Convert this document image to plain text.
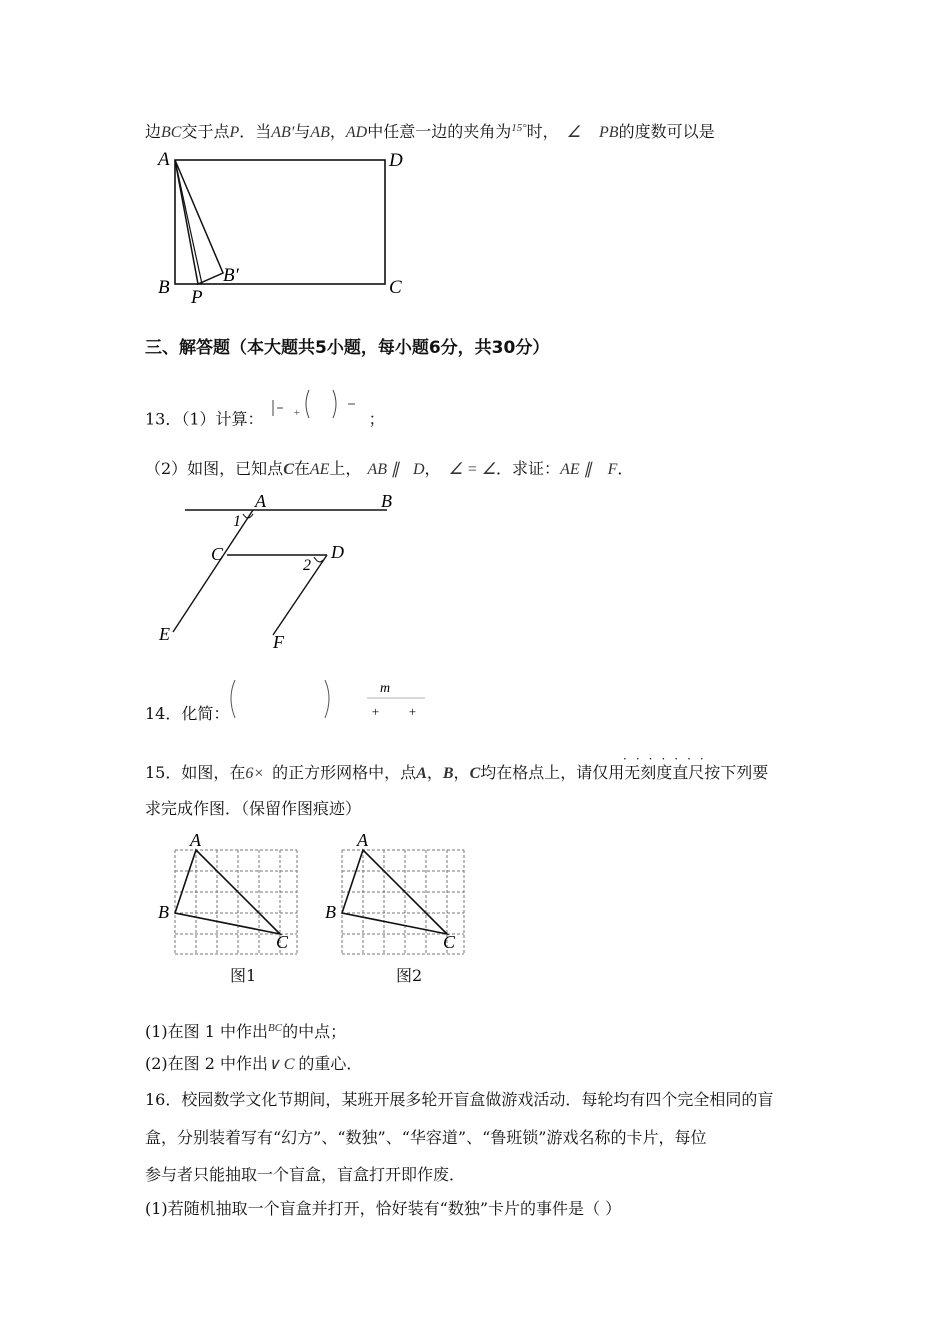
边BC交于点P．当AB′与AB，AD中任意一边的夹角为$^{15^\circ}$时， ∠ PB的度数可以是
A	D
B	C
P
B′
三、解答题（本大题共5小题，每小题6分，共30分）
13．（1）计算：	+	；
（2）如图，已知点C在AE上， AB ∥ D， ∠ = ∠．求证：AE ∥ F．
A	B
C	D
E	F
1
2
14．化简：
m
+ +
·······
15．如图，在6× 的正方形网格中，点A，B，C均在格点上，请仅用无刻度直尺按下列要
求完成作图．（保留作图痕迹）
A
B
C
图1
A
B
C
图2
(1)在图 1 中作出$^{BC}$的中点；
(2)在图 2 中作出∨ C 的重心．
16．校园数学文化节期间，某班开展多轮开盲盒做游戏活动．每轮均有四个完全相同的盲
盒，分别装着写有“幻方”、“数独”、“华容道”、“鲁班锁”游戏名称的卡片，每位
参与者只能抽取一个盲盒，盲盒打开即作废．
(1)若随机抽取一个盲盒并打开，恰好装有“数独”卡片的事件是（ ）
